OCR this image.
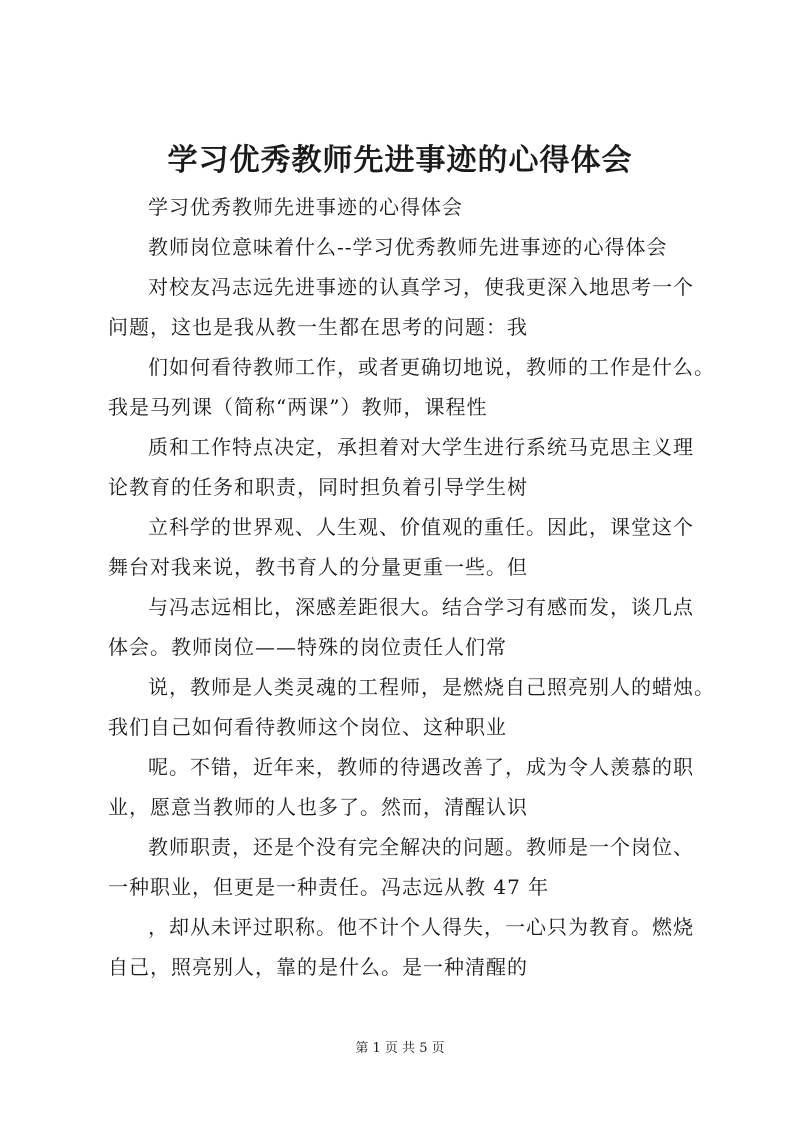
学习优秀教师先进事迹的心得体会

学习优秀教师先进事迹的心得体会

教师岗位意味着什么--学习优秀教师先进事迹的心得体会

对校友冯志远先进事迹的认真学习，使我更深入地思考一个

问题，这也是我从教一生都在思考的问题：我

们如何看待教师工作，或者更确切地说，教师的工作是什么。

我是马列课（简称“两课”）教师，课程性

质和工作特点决定，承担着对大学生进行系统马克思主义理

论教育的任务和职责，同时担负着引导学生树

立科学的世界观、人生观、价值观的重任。因此，课堂这个

舞台对我来说，教书育人的分量更重一些。但

与冯志远相比，深感差距很大。结合学习有感而发，谈几点

体会。教师岗位——特殊的岗位责任人们常

说，教师是人类灵魂的工程师，是燃烧自己照亮别人的蜡烛。

我们自己如何看待教师这个岗位、这种职业

呢。不错，近年来，教师的待遇改善了，成为令人羡慕的职

业，愿意当教师的人也多了。然而，清醒认识

教师职责，还是个没有完全解决的问题。教师是一个岗位、

一种职业，但更是一种责任。冯志远从教 47 年

，却从未评过职称。他不计个人得失，一心只为教育。燃烧

自己，照亮别人，靠的是什么。是一种清醒的

第 1 页 共 5 页
